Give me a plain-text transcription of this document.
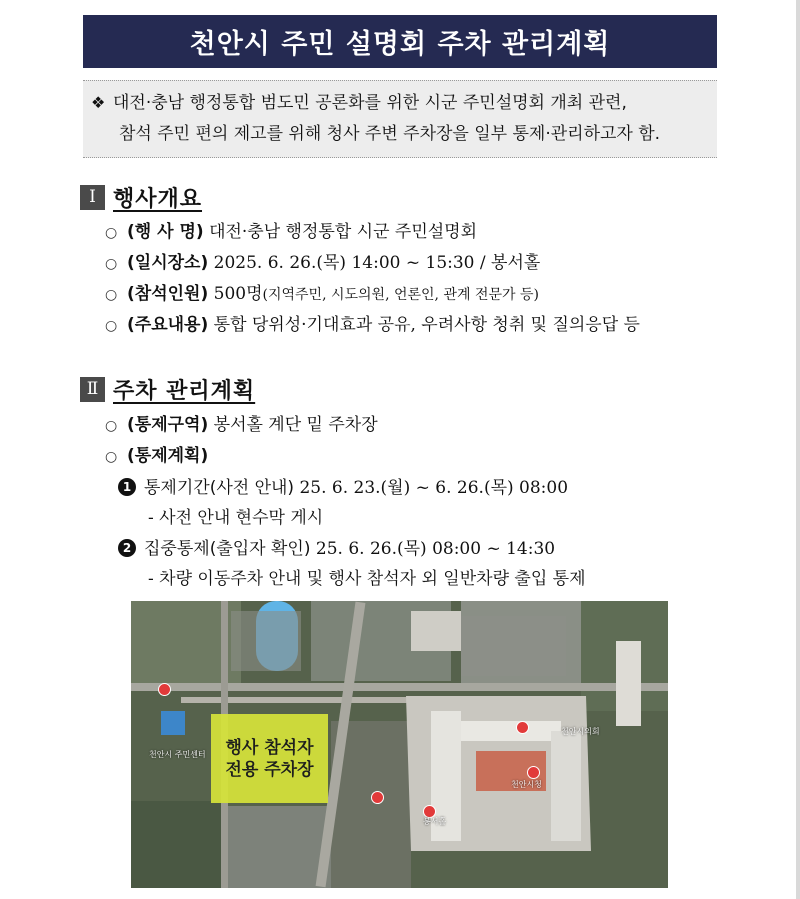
천안시 주민 설명회 주차 관리계획
❖ 대전·충남 행정통합 범도민 공론화를 위한 시군 주민설명회 개최 관련,
참석 주민 편의 제고를 위해 청사 주변 주차장을 일부 통제·관리하고자 함.
Ⅰ 행사개요
○ (행 사 명) 대전·충남 행정통합 시군 주민설명회
○ (일시장소) 2025. 6. 26.(목) 14:00 ~ 15:30 / 봉서홀
○ (참석인원) 500명(지역주민, 시도의원, 언론인, 관계 전문가 등)
○ (주요내용) 통합 당위성·기대효과 공유, 우려사항 청취 및 질의응답 등
Ⅱ 주차 관리계획
○ (통제구역) 봉서홀 계단 밑 주차장
○ (통제계획)
1 통제기간(사전 안내) 25. 6. 23.(월) ~ 6. 26.(목) 08:00
- 사전 안내 현수막 게시
2 집중통제(출입자 확인) 25. 6. 26.(목) 08:00 ~ 14:30
- 차량 이동주차 안내 및 행사 참석자 외 일반차량 출입 통제
행사 참석자
전용 주차장
천안시 주민센터
천안시청
봉서홀
천안시의회
